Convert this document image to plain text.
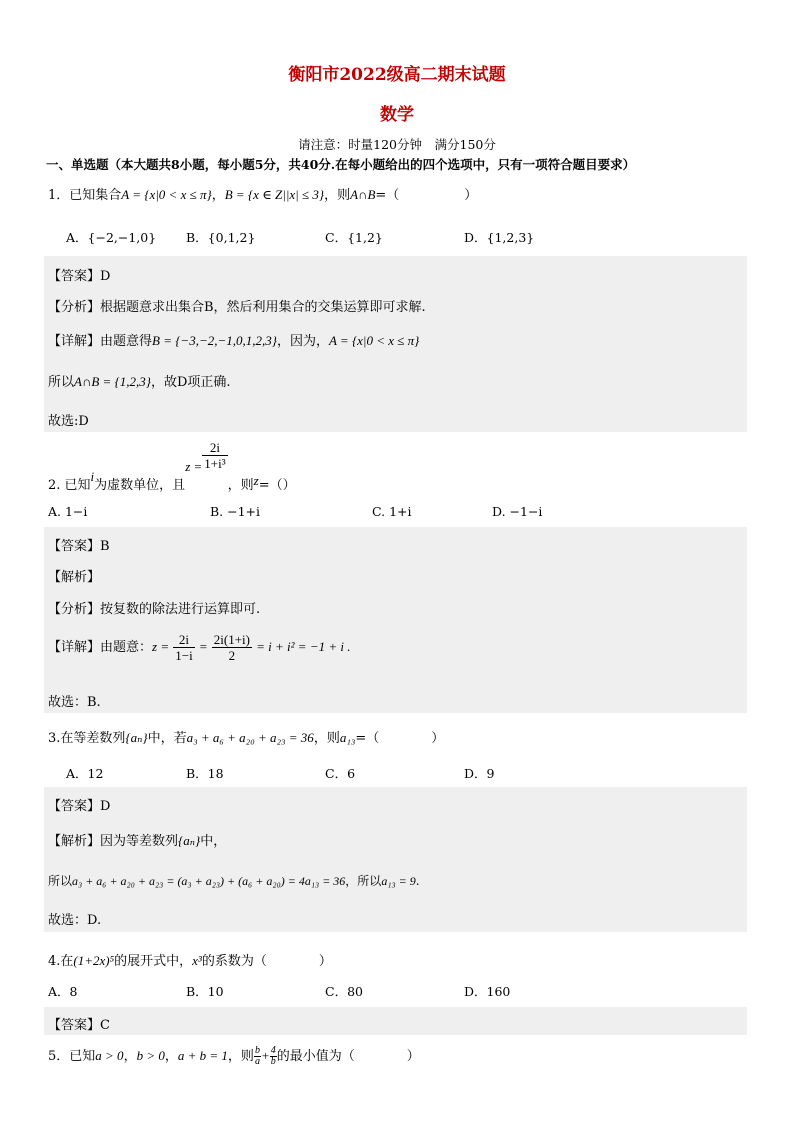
衡阳市2022级高二期末试题
数学
请注意：时量120分钟　满分150分
一、单选题（本大题共8小题，每小题5分，共40分.在每小题给出的四个选项中，只有一项符合题目要求）
1．已知集合A = {x|0 < x ≤ π}，B = {x ∈ Z||x| ≤ 3}，则A∩B=（　　　　　）
A．{−2,−1,0} B．{0,1,2}	C．{1,2}	D．{1,2,3}
【答案】D
【分析】根据题意求出集合B，然后利用集合的交集运算即可求解.
【详解】由题意得B = {−3,−2,−1,0,1,2,3}，因为，A = {x|0 < x ≤ π}
所以A∩B = {1,2,3}，故D项正确.
故选:D
2. 已知i为虚数单位，且$z = \frac{2i}{\text{1+i³}}$
，则z=（）
A. 1−i	B. −1+i	C. 1+i	D. −1−i
【答案】B
【解析】
【分析】按复数的除法进行运算即可.
【详解】由题意：$z = \frac{2i}{1-i} = \frac{2i(1+i)}{2} = i + i^2 = -1 + i$ .
故选：B.
3.在等差数列{aₙ}中，若a₃ + a₆ + a₂₀ + a₂₃ = 36，则a₁₃=（　　　　）
A．12	B．18	C．6	D．9
【答案】D
【解析】因为等差数列{aₙ}中，
所以a₃ + a₆ + a₂₀ + a₂₃ = (a₃ + a₂₃) + (a₆ + a₂₀) = 4a₁₃ = 36，所以a₁₃ = 9.
故选：D.
4.在(1+2x)⁵的展开式中，x³的系数为（　　　　）
A．8	B．10	C．80	D．160
【答案】C
5．已知a > 0，b > 0，a + b = 1，则 $\frac{b}{a} + \frac{4}{b}$ 的最小值为（　　　　）
